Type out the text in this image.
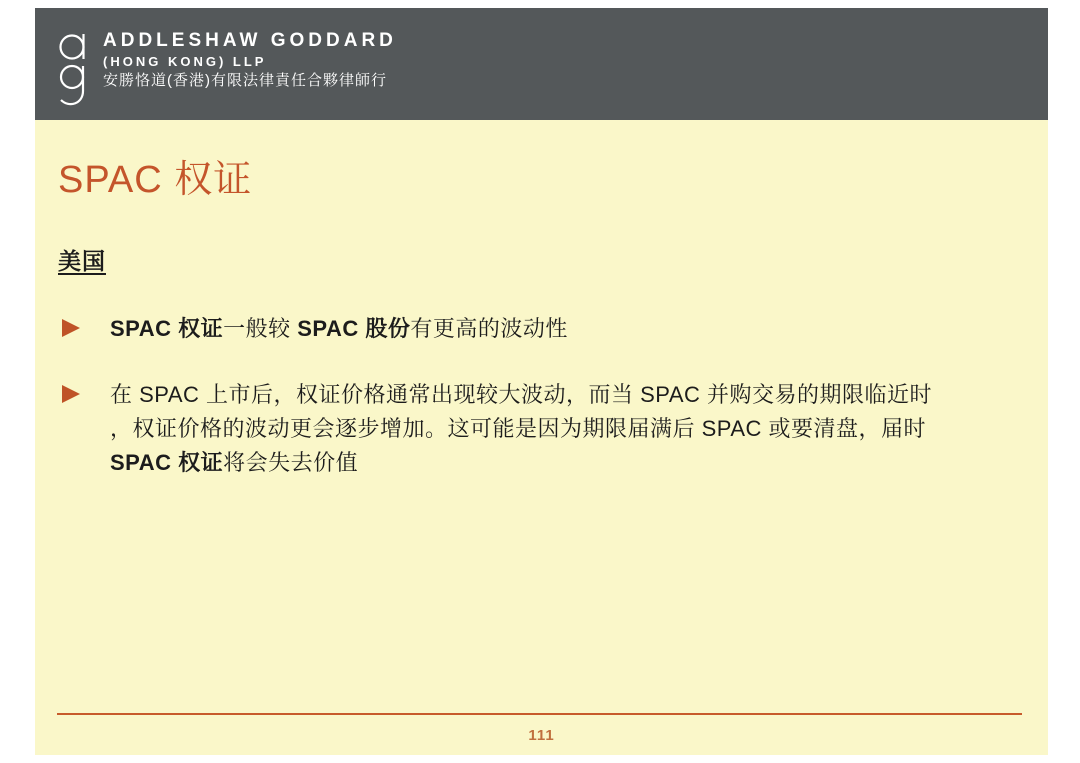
ADDLESHAW GODDARD
(HONG KONG) LLP
安勝恪道(香港)有限法律責任合夥律師行
SPAC 权证
美国
SPAC 权证一般较 SPAC 股份有更高的波动性
在 SPAC 上市后，权证价格通常出现较大波动，而当 SPAC 并购交易的期限临近时
，权证价格的波动更会逐步增加。这可能是因为期限届满后 SPAC 或要清盘，届时
SPAC 权证将会失去价值
111
